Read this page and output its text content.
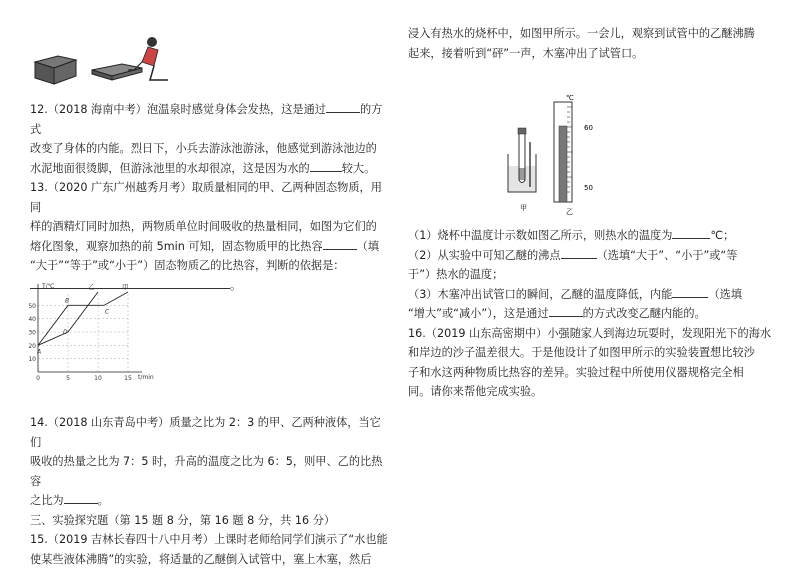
12.（2018 海南中考）泡温泉时感觉身体会发热，这是通过	的方式
改变了身体的内能。烈日下，小兵去游泳池游泳，他感觉到游泳池边的
水泥地面很烫脚，但游泳池里的水却很凉，这是因为水的	较大。

13.（2020 广东广州越秀月考）取质量相同的甲、乙两种固态物质，用同
样的酒精灯同时加热，两物质单位时间吸收的热量相同，如图为它们的
熔化图象，观察加热的前 5min 可知，固态物质甲的比热容	（填
“大于”“等于”或“小于”）固态物质乙的比热容，判断的依据是：
。

14.（2018 山东青岛中考）质量之比为 2：3 的甲、乙两种液体，当它们
吸收的热量之比为 7：5 时，升高的温度之比为 6：5，则甲、乙的比热容
之比为	。

三、实验探究题（第 15 题 8 分，第 16 题 8 分，共 16 分）

15.（2019 吉林长春四十八中月考）上课时老师给同学们演示了“水也能
使某些液体沸腾”的实验，将适量的乙醚倒入试管中，塞上木塞，然后

10
20
30
40
50
0	5	10	15 t/min
T/℃	甲
乙
A
B
C
D

浸入有热水的烧杯中，如图甲所示。一会儿，观察到试管中的乙醚沸腾
起来，接着听到“砰”一声，木塞冲出了试管口。

（1）烧杯中温度计示数如图乙所示，则热水的温度为	℃；

（2）从实验中可知乙醚的沸点	（选填“大于”、“小于”或“等
于”）热水的温度；

（3）木塞冲出试管口的瞬间，乙醚的温度降低，内能	（选填
“增大”或“减小”），这是通过	的方式改变乙醚内能的。

16.（2019 山东高密期中）小强随家人到海边玩耍时，发现阳光下的海水
和岸边的沙子温差很大。于是他设计了如图甲所示的实验装置想比较沙
子和水这两种物质比热容的差异。实验过程中所使用仪器规格完全相
同。请你来帮他完成实验。

甲
℃
60
50
乙
